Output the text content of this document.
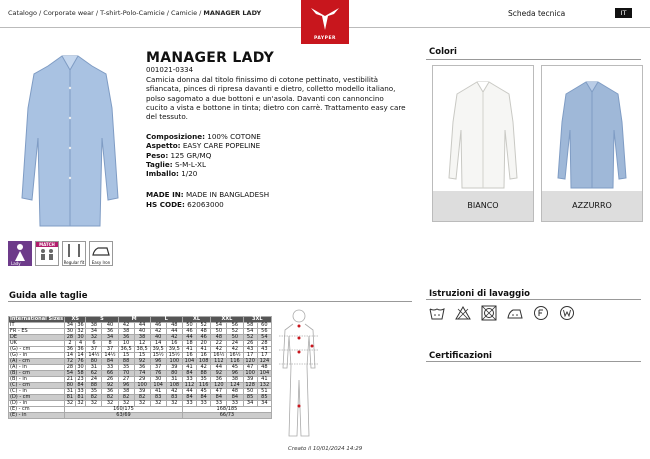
Catalogo / Corporate wear / T-shirt-Polo-Camicie / Camicie / MANAGER LADY	Scheda tecnica	IT
PAYPER
MANAGER LADY
001021-0334
Camicia donna dal titolo finissimo di cotone pettinato, vestibilità sfiancata, pinces di ripresa davanti e dietro, colletto modello italiano, polso sagomato a due bottoni e un'asola. Davanti con cannoncino cucito a vista e bottone in tinta; dietro con carrè. Trattamento easy care del tessuto.
Composizione: 100% COTONE
Aspetto: EASY CARE POPELINE
Peso: 125 GR/MQ
Taglie: S-M-L-XL
Imballo: 1/20
MADE IN: MADE IN BANGLADESH
HS CODE: 62063000
Colori
BIANCO	AZZURRO
Lady
MATCH
Regular fit	Easy Iron
Guida alle taglie
International Sizes	XS		S		M		L		XL		XXL		3XL	
IT	34	36	38	40	42	44	46	48	50	52	54	56	58	60
FR - ES	30	32	34	36	38	40	42	44	46	48	50	52	54	56
DE	28	30	32	34	36	38	40	42	44	46	48	50	52	54
UK	2	4	6	8	10	12	14	16	18	20	22	24	26	28
(G) - cm	36	36	37	37	36,5	38,5	39,5	39,5	41	41	42	42	43	43
(G) - in	14	14	14½	14½	15	15	15½	15½	16	16	16½	16½	17	17
(A) - cm	72	76	80	84	88	92	96	100	104	108	112	116	120	124
(A) - in	28	30	31	33	35	36	37	39	41	42	44	45	47	48
(B) - cm	54	58	62	66	70	74	76	80	84	88	92	96	100	104
(B) - in	21	23	24	26	27	29	30	31	33	35	36	38	39	41
(C) - cm	80	84	88	92	96	100	104	108	112	116	120	124	128	132
(C) - in	31	33	35	36	38	39	41	42	44	45	47	48	50	51
(D) - cm	81	81	82	82	82	82	83	83	84	84	84	84	85	85
(D) - in	32	32	32	32	32	32	32	32	33	33	33	33	34	34
(E) - cm	160/175								168/185					
(E) - in	63/69								66/73					
Istruzioni di lavaggio
Certificazioni
Creato il 10/01/2024 14:29
